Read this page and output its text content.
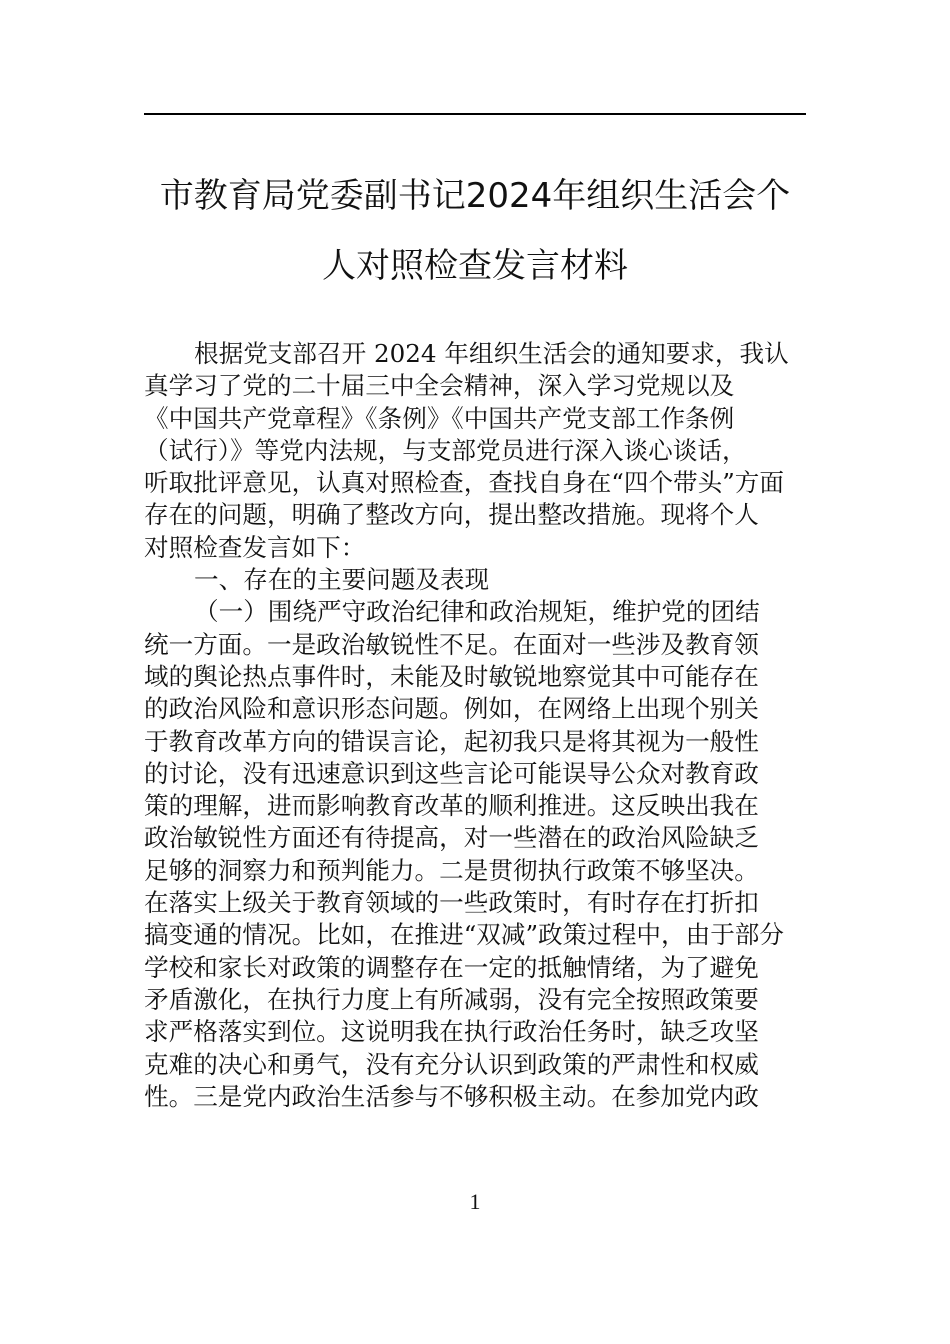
市教育局党委副书记2024年组织生活会个
人对照检查发言材料
根据党支部召开 2024 年组织生活会的通知要求，我认
真学习了党的二十届三中全会精神，深入学习党规以及
《中国共产党章程》《条例》《中国共产党支部工作条例
（试行）》等党内法规，与支部党员进行深入谈心谈话，
听取批评意见，认真对照检查，查找自身在“四个带头”方面
存在的问题，明确了整改方向，提出整改措施。现将个人
对照检查发言如下：
一、存在的主要问题及表现
（一）围绕严守政治纪律和政治规矩，维护党的团结
统一方面。一是政治敏锐性不足。在面对一些涉及教育领
域的舆论热点事件时，未能及时敏锐地察觉其中可能存在
的政治风险和意识形态问题。例如，在网络上出现个别关
于教育改革方向的错误言论，起初我只是将其视为一般性
的讨论，没有迅速意识到这些言论可能误导公众对教育政
策的理解，进而影响教育改革的顺利推进。这反映出我在
政治敏锐性方面还有待提高，对一些潜在的政治风险缺乏
足够的洞察力和预判能力。二是贯彻执行政策不够坚决。
在落实上级关于教育领域的一些政策时，有时存在打折扣
搞变通的情况。比如，在推进“双减”政策过程中，由于部分
学校和家长对政策的调整存在一定的抵触情绪，为了避免
矛盾激化，在执行力度上有所减弱，没有完全按照政策要
求严格落实到位。这说明我在执行政治任务时，缺乏攻坚
克难的决心和勇气，没有充分认识到政策的严肃性和权威
性。三是党内政治生活参与不够积极主动。在参加党内政
1
